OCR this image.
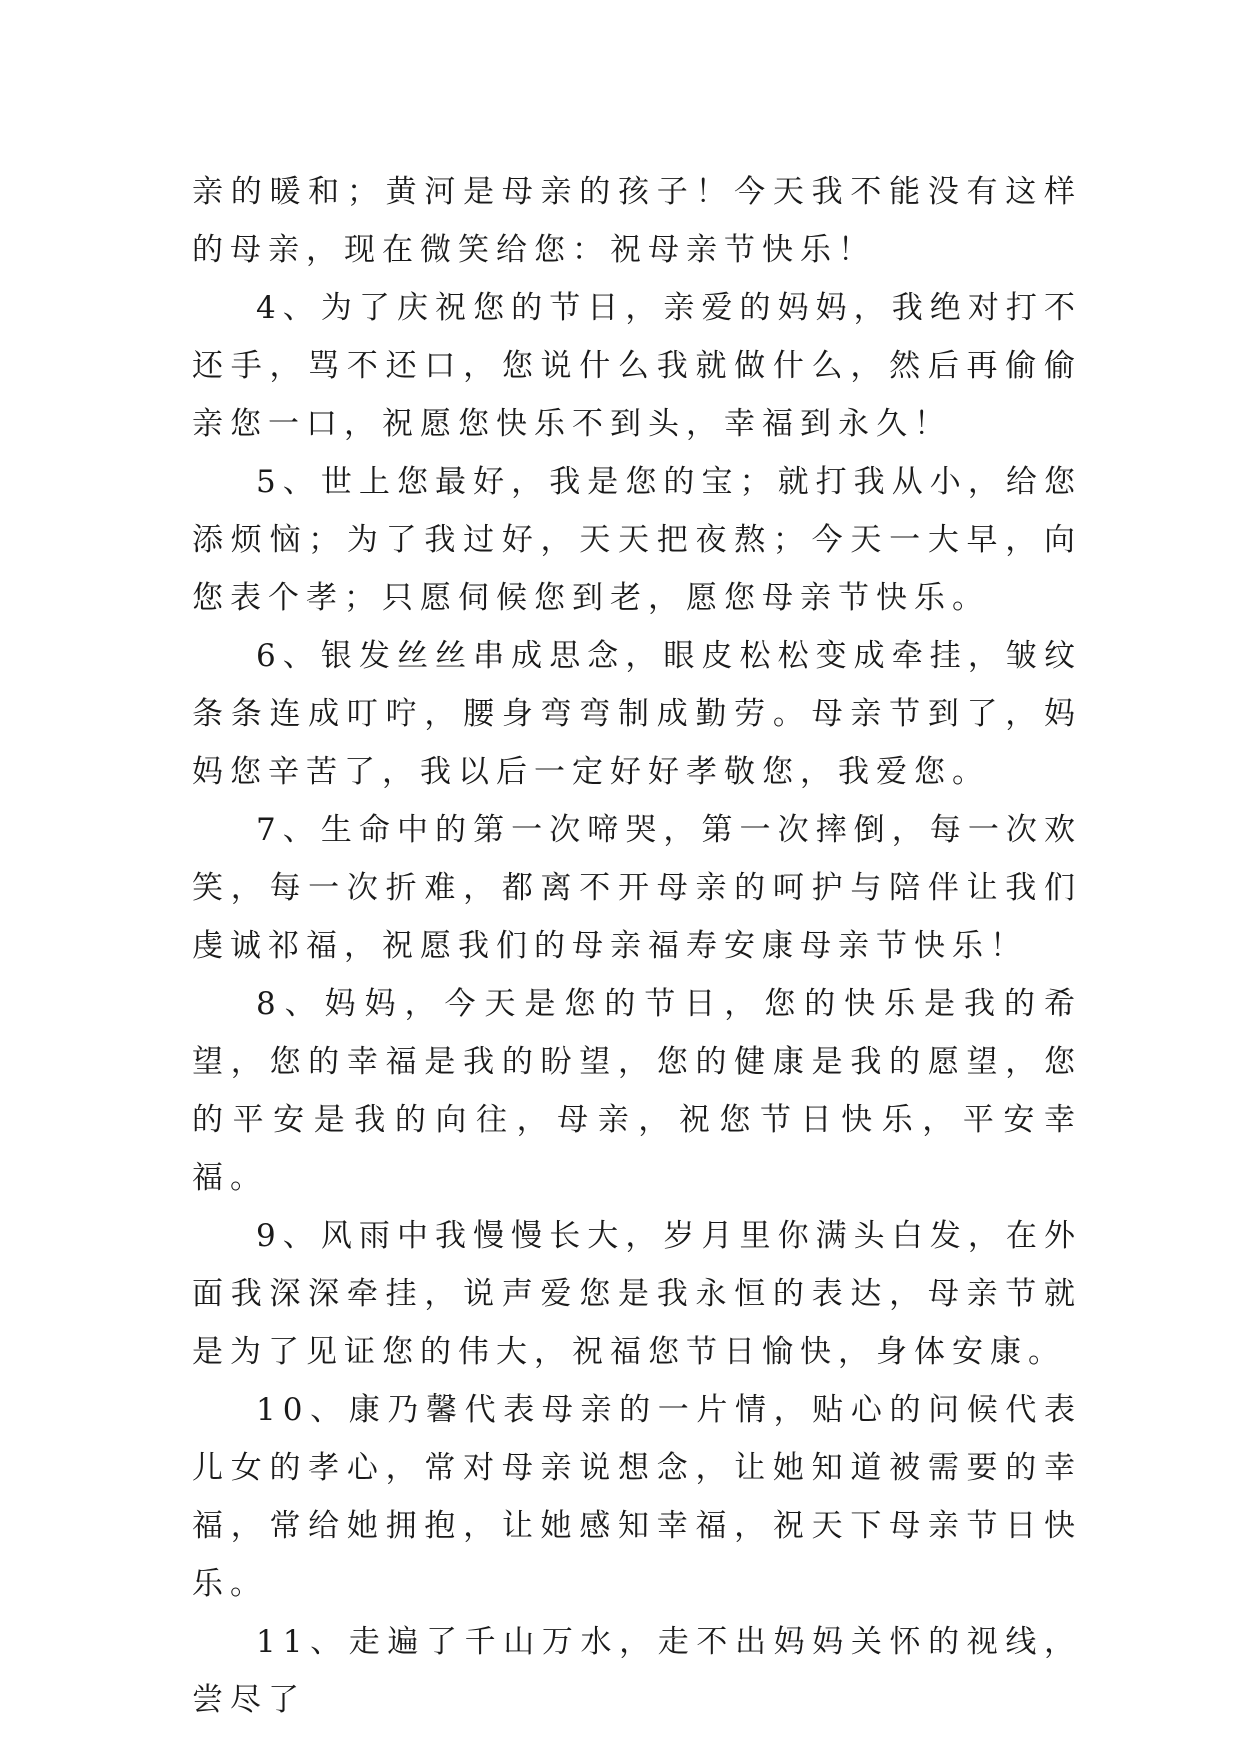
亲的暖和；黄河是母亲的孩子！今天我不能没有这样的母亲，现在微笑给您：祝母亲节快乐！

4、为了庆祝您的节日，亲爱的妈妈，我绝对打不还手，骂不还口，您说什么我就做什么，然后再偷偷亲您一口，祝愿您快乐不到头，幸福到永久！

5、世上您最好，我是您的宝；就打我从小，给您添烦恼；为了我过好，天天把夜熬；今天一大早，向您表个孝；只愿伺候您到老，愿您母亲节快乐。

6、银发丝丝串成思念，眼皮松松变成牵挂，皱纹条条连成叮咛，腰身弯弯制成勤劳。母亲节到了，妈妈您辛苦了，我以后一定好好孝敬您，我爱您。

7、生命中的第一次啼哭，第一次摔倒，每一次欢笑，每一次折难，都离不开母亲的呵护与陪伴让我们虔诚祁福，祝愿我们的母亲福寿安康母亲节快乐！

8、妈妈，今天是您的节日，您的快乐是我的希望，您的幸福是我的盼望，您的健康是我的愿望，您的平安是我的向往，母亲，祝您节日快乐，平安幸福。

9、风雨中我慢慢长大，岁月里你满头白发，在外面我深深牵挂，说声爱您是我永恒的表达，母亲节就是为了见证您的伟大，祝福您节日愉快，身体安康。

10、康乃馨代表母亲的一片情，贴心的问候代表儿女的孝心，常对母亲说想念，让她知道被需要的幸福，常给她拥抱，让她感知幸福，祝天下母亲节日快乐。

11、走遍了千山万水，走不出妈妈关怀的视线，尝尽了
